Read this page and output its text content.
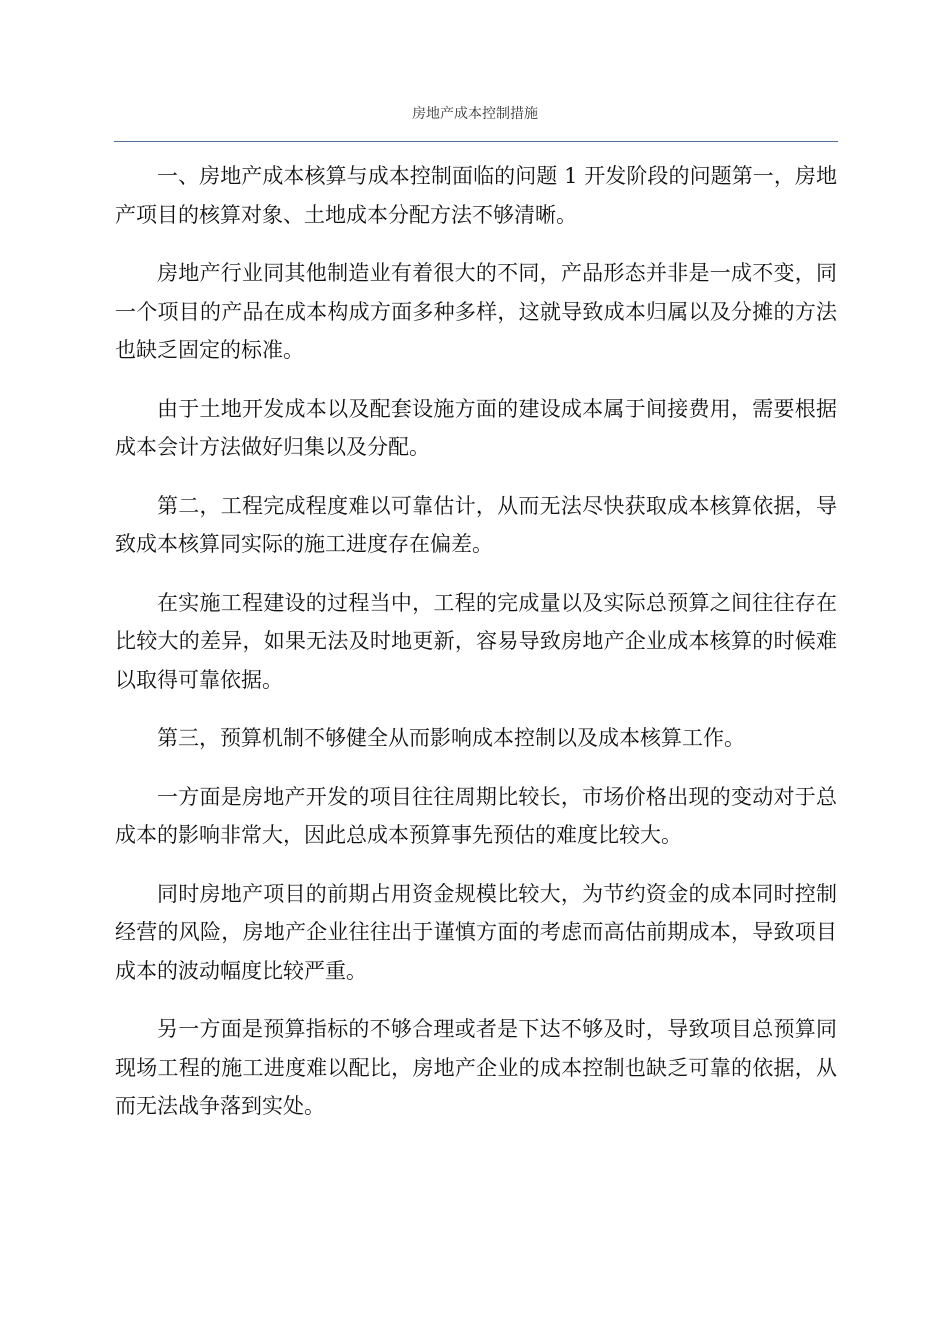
房地产成本控制措施

一、房地产成本核算与成本控制面临的问题 1 开发阶段的问题第一，房地产项目的核算对象、土地成本分配方法不够清晰。

房地产行业同其他制造业有着很大的不同，产品形态并非是一成不变，同一个项目的产品在成本构成方面多种多样，这就导致成本归属以及分摊的方法也缺乏固定的标准。

由于土地开发成本以及配套设施方面的建设成本属于间接费用，需要根据成本会计方法做好归集以及分配。

第二，工程完成程度难以可靠估计，从而无法尽快获取成本核算依据，导致成本核算同实际的施工进度存在偏差。

在实施工程建设的过程当中，工程的完成量以及实际总预算之间往往存在比较大的差异，如果无法及时地更新，容易导致房地产企业成本核算的时候难以取得可靠依据。

第三，预算机制不够健全从而影响成本控制以及成本核算工作。

一方面是房地产开发的项目往往周期比较长，市场价格出现的变动对于总成本的影响非常大，因此总成本预算事先预估的难度比较大。

同时房地产项目的前期占用资金规模比较大，为节约资金的成本同时控制经营的风险，房地产企业往往出于谨慎方面的考虑而高估前期成本，导致项目成本的波动幅度比较严重。

另一方面是预算指标的不够合理或者是下达不够及时，导致项目总预算同现场工程的施工进度难以配比，房地产企业的成本控制也缺乏可靠的依据，从而无法战争落到实处。
